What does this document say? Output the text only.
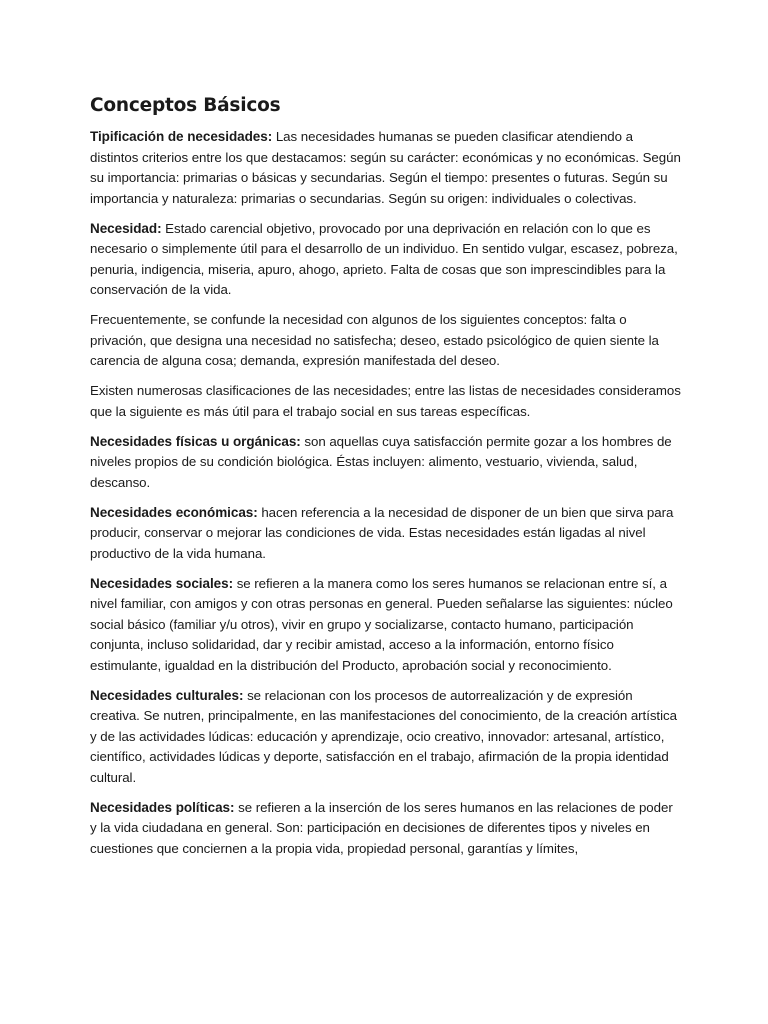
Conceptos Básicos

Tipificación de necesidades: Las necesidades humanas se pueden clasificar atendiendo a distintos criterios entre los que destacamos: según su carácter: económicas y no económicas. Según su importancia: primarias o básicas y secundarias. Según el tiempo: presentes o futuras. Según su importancia y naturaleza: primarias o secundarias. Según su origen: individuales o colectivas.

Necesidad: Estado carencial objetivo, provocado por una deprivación en relación con lo que es necesario o simplemente útil para el desarrollo de un individuo. En sentido vulgar, escasez, pobreza, penuria, indigencia, miseria, apuro, ahogo, aprieto. Falta de cosas que son imprescindibles para la conservación de la vida.

Frecuentemente, se confunde la necesidad con algunos de los siguientes conceptos: falta o privación, que designa una necesidad no satisfecha; deseo, estado psicológico de quien siente la carencia de alguna cosa; demanda, expresión manifestada del deseo.

Existen numerosas clasificaciones de las necesidades; entre las listas de necesidades consideramos que la siguiente es más útil para el trabajo social en sus tareas específicas.

Necesidades físicas u orgánicas: son aquellas cuya satisfacción permite gozar a los hombres de niveles propios de su condición biológica. Éstas incluyen: alimento, vestuario, vivienda, salud, descanso.

Necesidades económicas: hacen referencia a la necesidad de disponer de un bien que sirva para producir, conservar o mejorar las condiciones de vida. Estas necesidades están ligadas al nivel productivo de la vida humana.

Necesidades sociales: se refieren a la manera como los seres humanos se relacionan entre sí, a nivel familiar, con amigos y con otras personas en general. Pueden señalarse las siguientes: núcleo social básico (familiar y/u otros), vivir en grupo y socializarse, contacto humano, participación conjunta, incluso solidaridad, dar y recibir amistad, acceso a la información, entorno físico estimulante, igualdad en la distribución del Producto, aprobación social y reconocimiento.

Necesidades culturales: se relacionan con los procesos de autorrealización y de expresión creativa. Se nutren, principalmente, en las manifestaciones del conocimiento, de la creación artística y de las actividades lúdicas: educación y aprendizaje, ocio creativo, innovador: artesanal, artístico, científico, actividades lúdicas y deporte, satisfacción en el trabajo, afirmación de la propia identidad cultural.

Necesidades políticas: se refieren a la inserción de los seres humanos en las relaciones de poder y la vida ciudadana en general. Son: participación en decisiones de diferentes tipos y niveles en cuestiones que conciernen a la propia vida, propiedad personal, garantías y límites,
